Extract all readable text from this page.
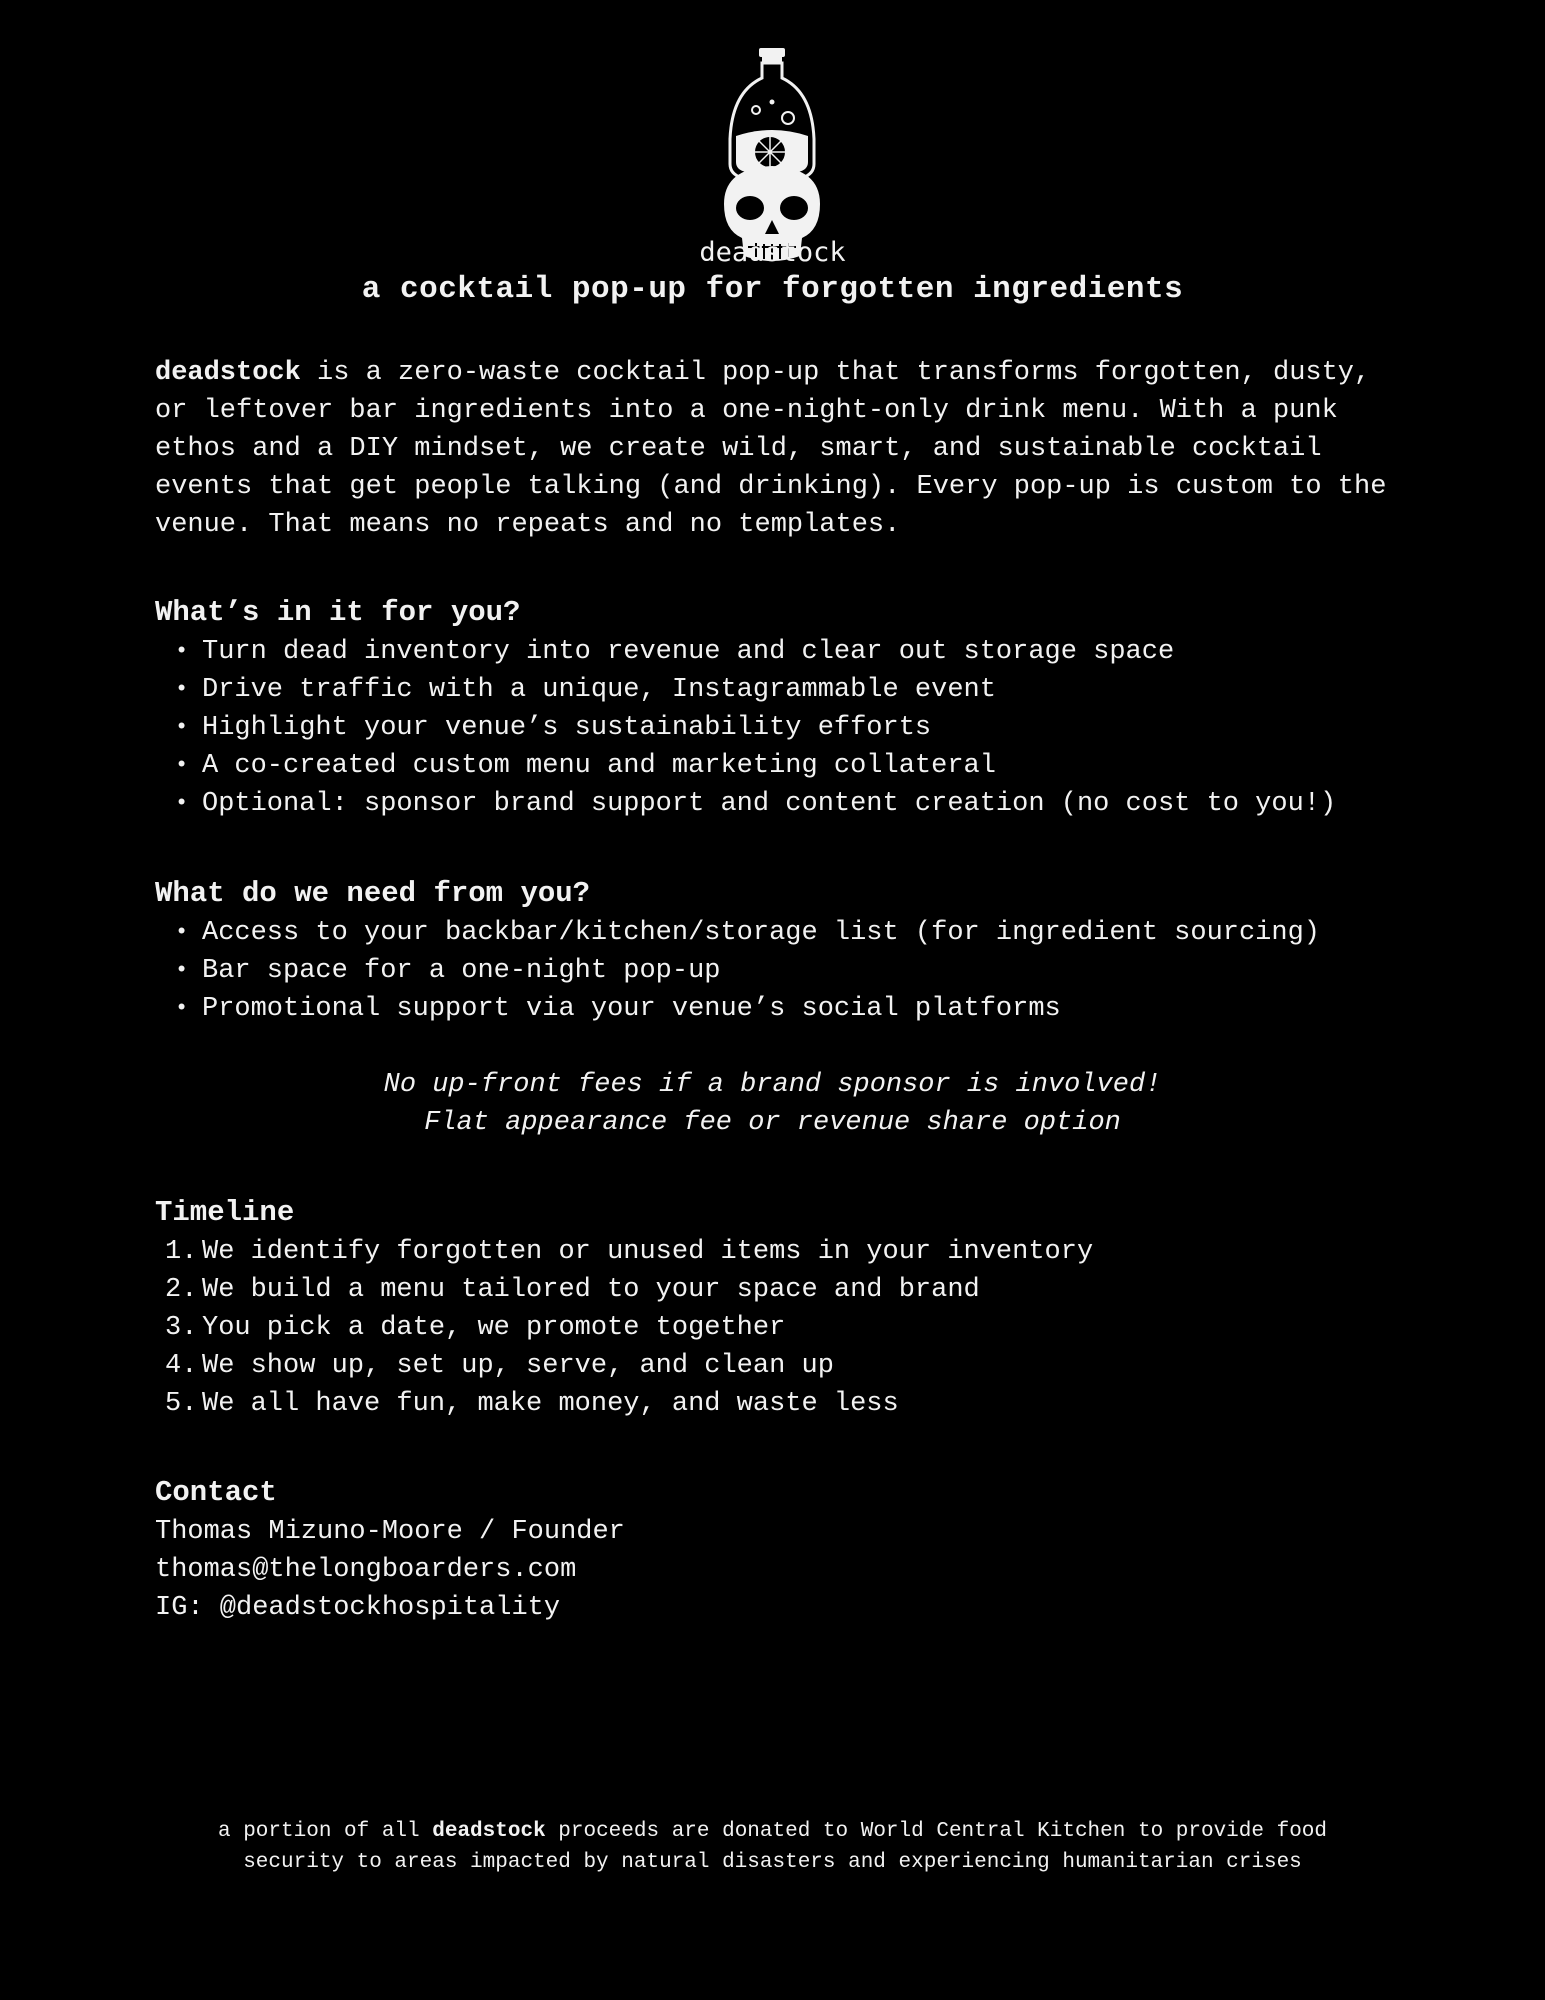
deadstock
a cocktail pop-up for forgotten ingredients
deadstock is a zero-waste cocktail pop-up that transforms forgotten, dusty, or leftover bar ingredients into a one-night-only drink menu. With a punk ethos and a DIY mindset, we create wild, smart, and sustainable cocktail events that get people talking (and drinking). Every pop-up is custom to the venue. That means no repeats and no templates.
What’s in it for you?
• Turn dead inventory into revenue and clear out storage space
• Drive traffic with a unique, Instagrammable event
• Highlight your venue’s sustainability efforts
• A co-created custom menu and marketing collateral
• Optional: sponsor brand support and content creation (no cost to you!)
What do we need from you?
• Access to your backbar/kitchen/storage list (for ingredient sourcing)
• Bar space for a one-night pop-up
• Promotional support via your venue’s social platforms
No up-front fees if a brand sponsor is involved!
Flat appearance fee or revenue share option
Timeline
1. We identify forgotten or unused items in your inventory
2. We build a menu tailored to your space and brand
3. You pick a date, we promote together
4. We show up, set up, serve, and clean up
5. We all have fun, make money, and waste less
Contact
Thomas Mizuno-Moore / Founder
thomas@thelongboarders.com
IG: @deadstockhospitality
a portion of all deadstock proceeds are donated to World Central Kitchen to provide food
security to areas impacted by natural disasters and experiencing humanitarian crises
